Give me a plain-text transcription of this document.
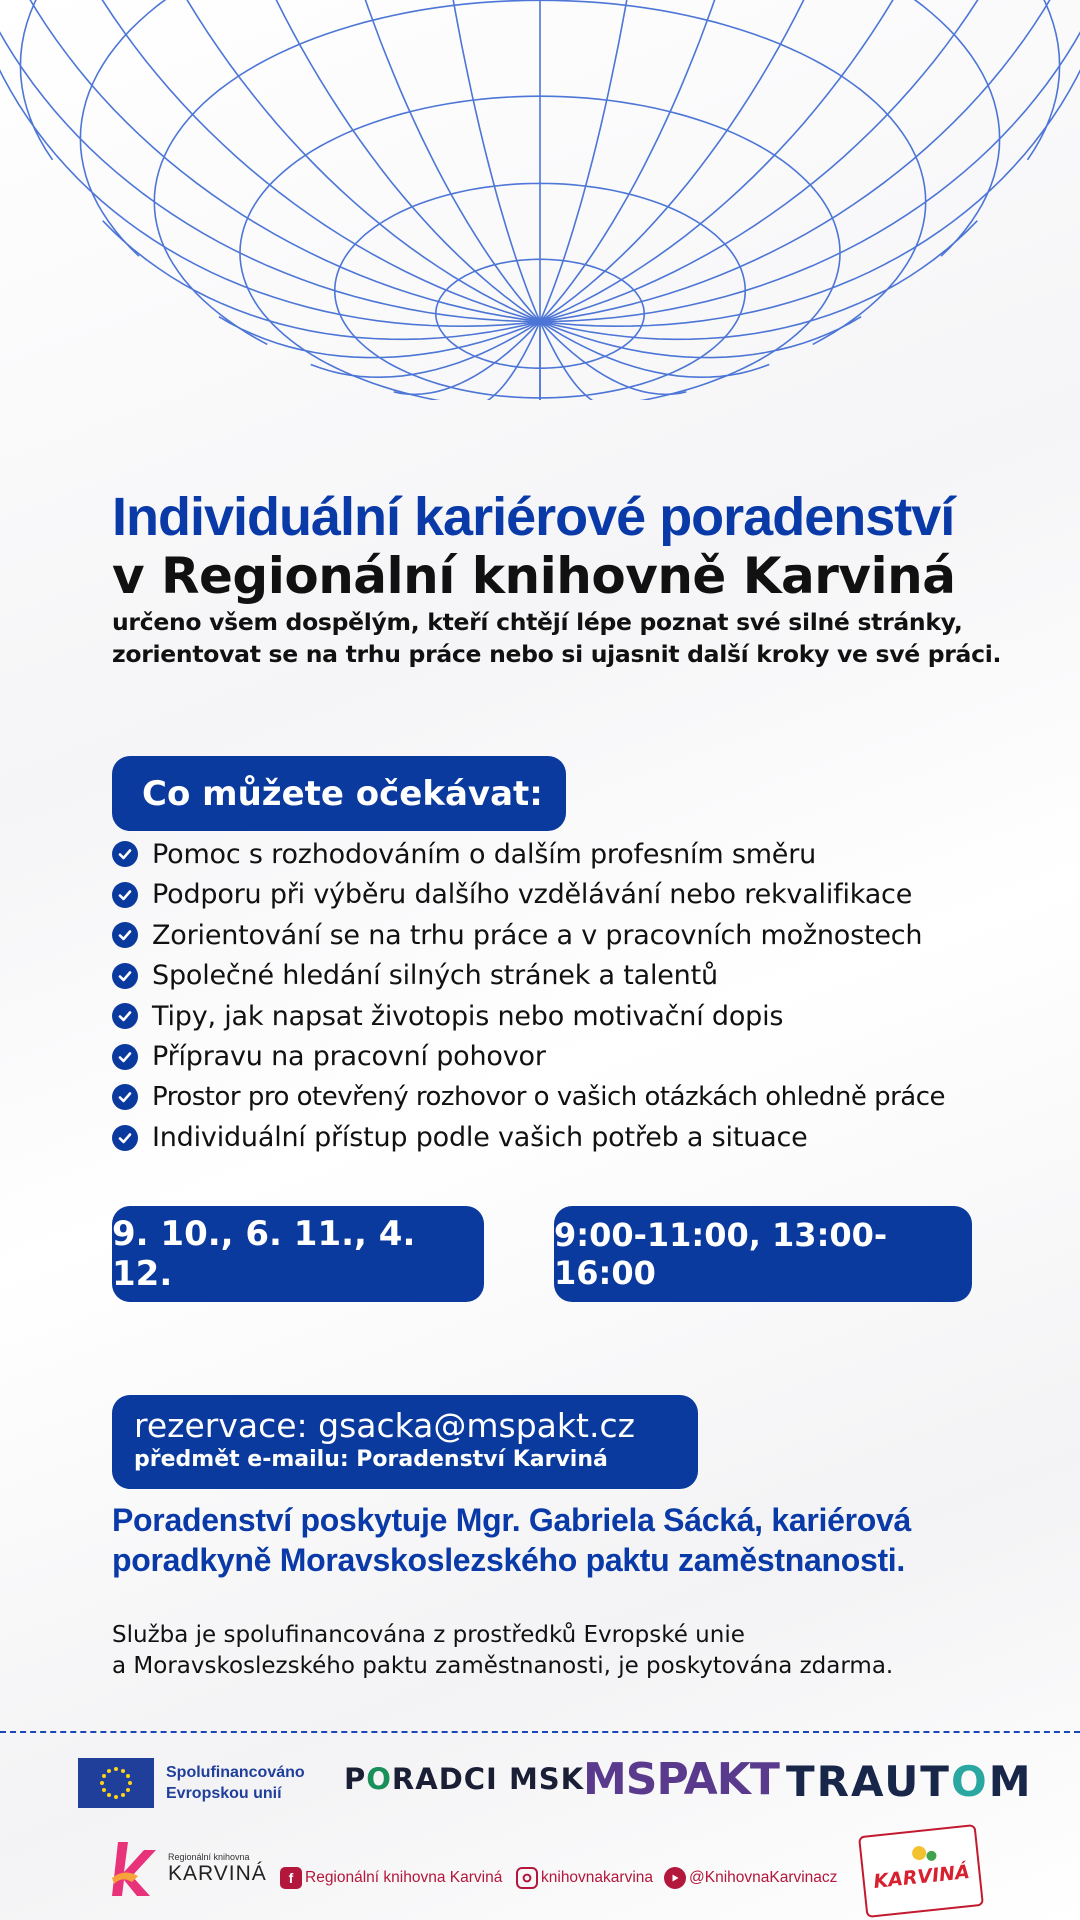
Individuální kariérové poradenství
v Regionální knihovně Karviná
určeno všem dospělým, kteří chtějí lépe poznat své silné stránky,
zorientovat se na trhu práce nebo si ujasnit další kroky ve své práci.
Co můžete očekávat:
Pomoc s rozhodováním o dalším profesním směru
Podporu při výběru dalšího vzdělávání nebo rekvalifikace
Zorientování se na trhu práce a v pracovních možnostech
Společné hledání silných stránek a talentů
Tipy, jak napsat životopis nebo motivační dopis
Přípravu na pracovní pohovor
Prostor pro otevřený rozhovor o vašich otázkách ohledně práce
Individuální přístup podle vašich potřeb a situace
9. 10., 6. 11., 4. 12.
9:00-11:00, 13:00-16:00
rezervace: gsacka@mspakt.cz
předmět e-mailu: Poradenství Karviná
Poradenství poskytuje Mgr. Gabriela Sácká, kariérová
poradkyně Moravskoslezského paktu zaměstnanosti.
Služba je spolufinancována z prostředků Evropské unie
a Moravskoslezského paktu zaměstnanosti, je poskytována zdarma.
Spolufinancováno
Evropskou unií	PORADCI MSK
MSPAKT TRAUTOM
Regionální knihovna
KARVINÁ	f Regionální knihovna Karviná knihovnakarvina @KnihovnaKarvinacz KARVINÁ
